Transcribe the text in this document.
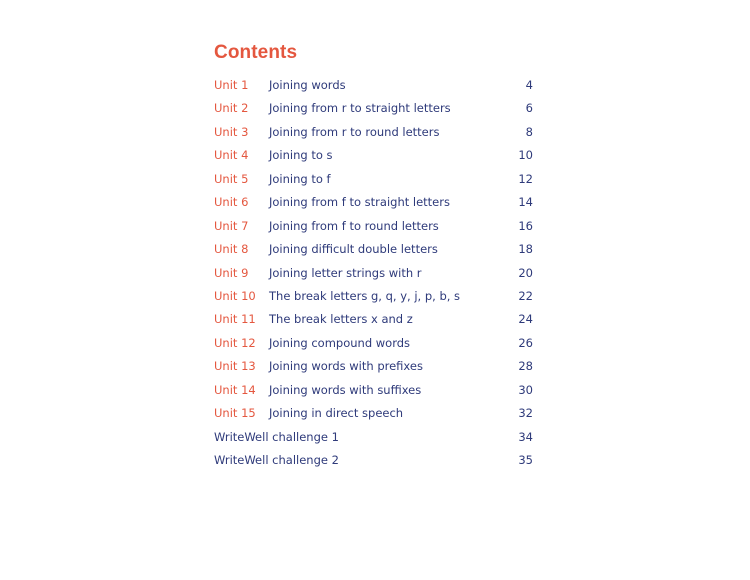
Contents
Unit 1 Joining words	4
Unit 2 Joining from r to straight letters	6
Unit 3 Joining from r to round letters	8
Unit 4 Joining to s	10
Unit 5 Joining to f	12
Unit 6 Joining from f to straight letters	14
Unit 7 Joining from f to round letters	16
Unit 8 Joining difficult double letters	18
Unit 9 Joining letter strings with r	20
Unit 10 The break letters g, q, y, j, p, b, s	22
Unit 11 The break letters x and z	24
Unit 12 Joining compound words	26
Unit 13 Joining words with prefixes	28
Unit 14 Joining words with suffixes	30
Unit 15 Joining in direct speech	32
WriteWell challenge 1	34
WriteWell challenge 2	35
